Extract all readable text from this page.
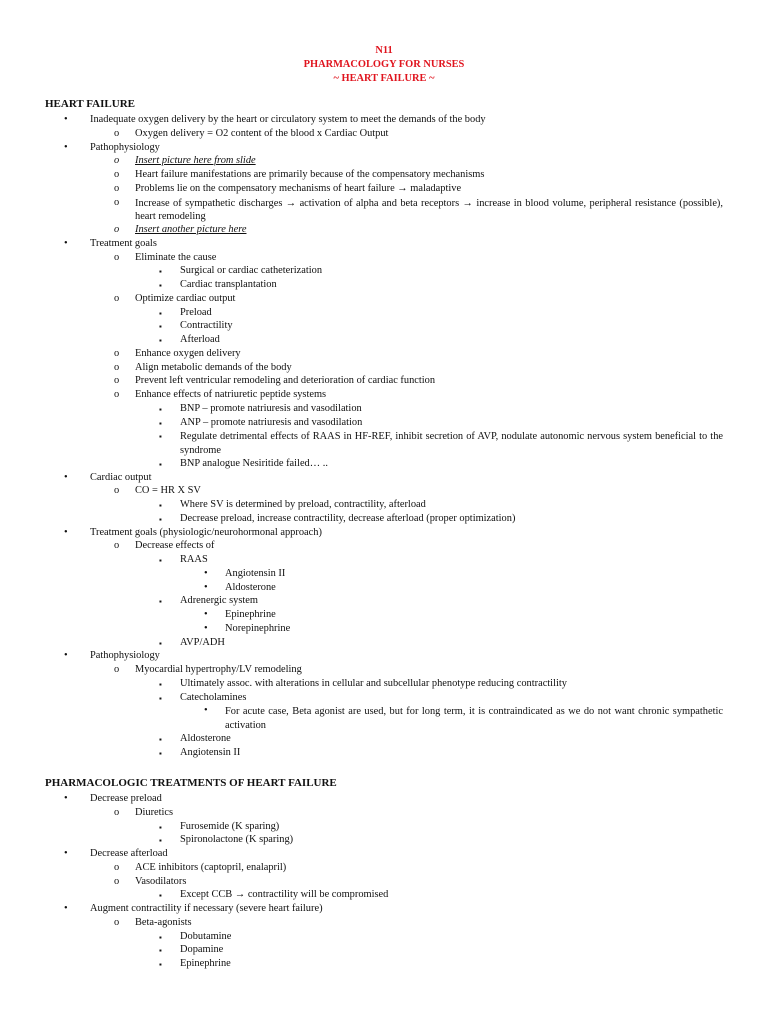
N11
PHARMACOLOGY FOR NURSES
~ HEART FAILURE ~
HEART FAILURE
• Inadequate oxygen delivery by the heart or circulatory system to meet the demands of the body
o Oxygen delivery = O2 content of the blood x Cardiac Output
• Pathophysiology
o Insert picture here from slide
o Heart failure manifestations are primarily because of the compensatory mechanisms
o Problems lie on the compensatory mechanisms of heart failure → maladaptive
o Increase of sympathetic discharges → activation of alpha and beta receptors → increase in blood volume, peripheral resistance (possible), heart remodeling
o Insert another picture here
• Treatment goals
o Eliminate the cause
▪ Surgical or cardiac catheterization
▪ Cardiac transplantation
o Optimize cardiac output
▪ Preload
▪ Contractility
▪ Afterload
o Enhance oxygen delivery
o Align metabolic demands of the body
o Prevent left ventricular remodeling and deterioration of cardiac function
o Enhance effects of natriuretic peptide systems
▪ BNP – promote natriuresis and vasodilation
▪ ANP – promote natriuresis and vasodilation
▪ Regulate detrimental effects of RAAS in HF-REF, inhibit secretion of AVP, nodulate autonomic nervous system beneficial to the syndrome
▪ BNP analogue Nesiritide failed… ..
• Cardiac output
o CO = HR X SV
▪ Where SV is determined by preload, contractility, afterload
▪ Decrease preload, increase contractility, decrease afterload (proper optimization)
• Treatment goals (physiologic/neurohormonal approach)
o Decrease effects of
▪ RAAS
• Angiotensin II
• Aldosterone
▪ Adrenergic system
• Epinephrine
• Norepinephrine
▪ AVP/ADH
• Pathophysiology
o Myocardial hypertrophy/LV remodeling
▪ Ultimately assoc. with alterations in cellular and subcellular phenotype reducing contractility
▪ Catecholamines
• For acute case, Beta agonist are used, but for long term, it is contraindicated as we do not want chronic sympathetic activation
▪ Aldosterone
▪ Angiotensin II
PHARMACOLOGIC TREATMENTS OF HEART FAILURE
• Decrease preload
o Diuretics
▪ Furosemide (K sparing)
▪ Spironolactone (K sparing)
• Decrease afterload
o ACE inhibitors (captopril, enalapril)
o Vasodilators
▪ Except CCB → contractility will be compromised
• Augment contractility if necessary (severe heart failure)
o Beta-agonists
▪ Dobutamine
▪ Dopamine
▪ Epinephrine
